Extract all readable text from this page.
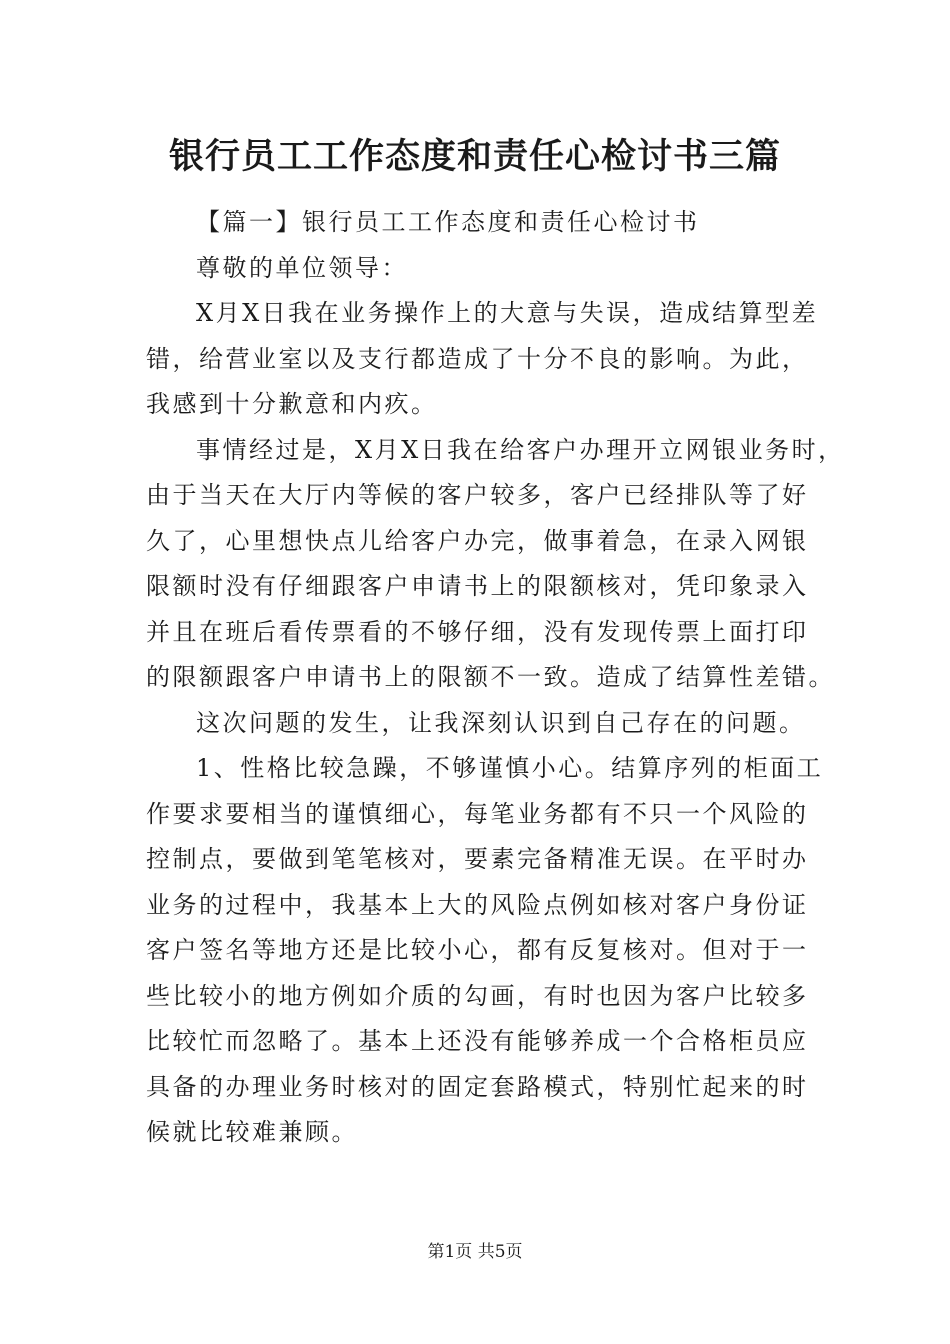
银行员工工作态度和责任心检讨书三篇
【篇一】银行员工工作态度和责任心检讨书
尊敬的单位领导：
X月X日我在业务操作上的大意与失误，造成结算型差
错，给营业室以及支行都造成了十分不良的影响。为此，
我感到十分歉意和内疚。
事情经过是，X月X日我在给客户办理开立网银业务时，
由于当天在大厅内等候的客户较多，客户已经排队等了好
久了，心里想快点儿给客户办完，做事着急，在录入网银
限额时没有仔细跟客户申请书上的限额核对，凭印象录入
并且在班后看传票看的不够仔细，没有发现传票上面打印
的限额跟客户申请书上的限额不一致。造成了结算性差错。
这次问题的发生，让我深刻认识到自己存在的问题。
1、性格比较急躁，不够谨慎小心。结算序列的柜面工
作要求要相当的谨慎细心，每笔业务都有不只一个风险的
控制点，要做到笔笔核对，要素完备精准无误。在平时办
业务的过程中，我基本上大的风险点例如核对客户身份证
客户签名等地方还是比较小心，都有反复核对。但对于一
些比较小的地方例如介质的勾画，有时也因为客户比较多
比较忙而忽略了。基本上还没有能够养成一个合格柜员应
具备的办理业务时核对的固定套路模式，特别忙起来的时
候就比较难兼顾。
第1页 共5页
